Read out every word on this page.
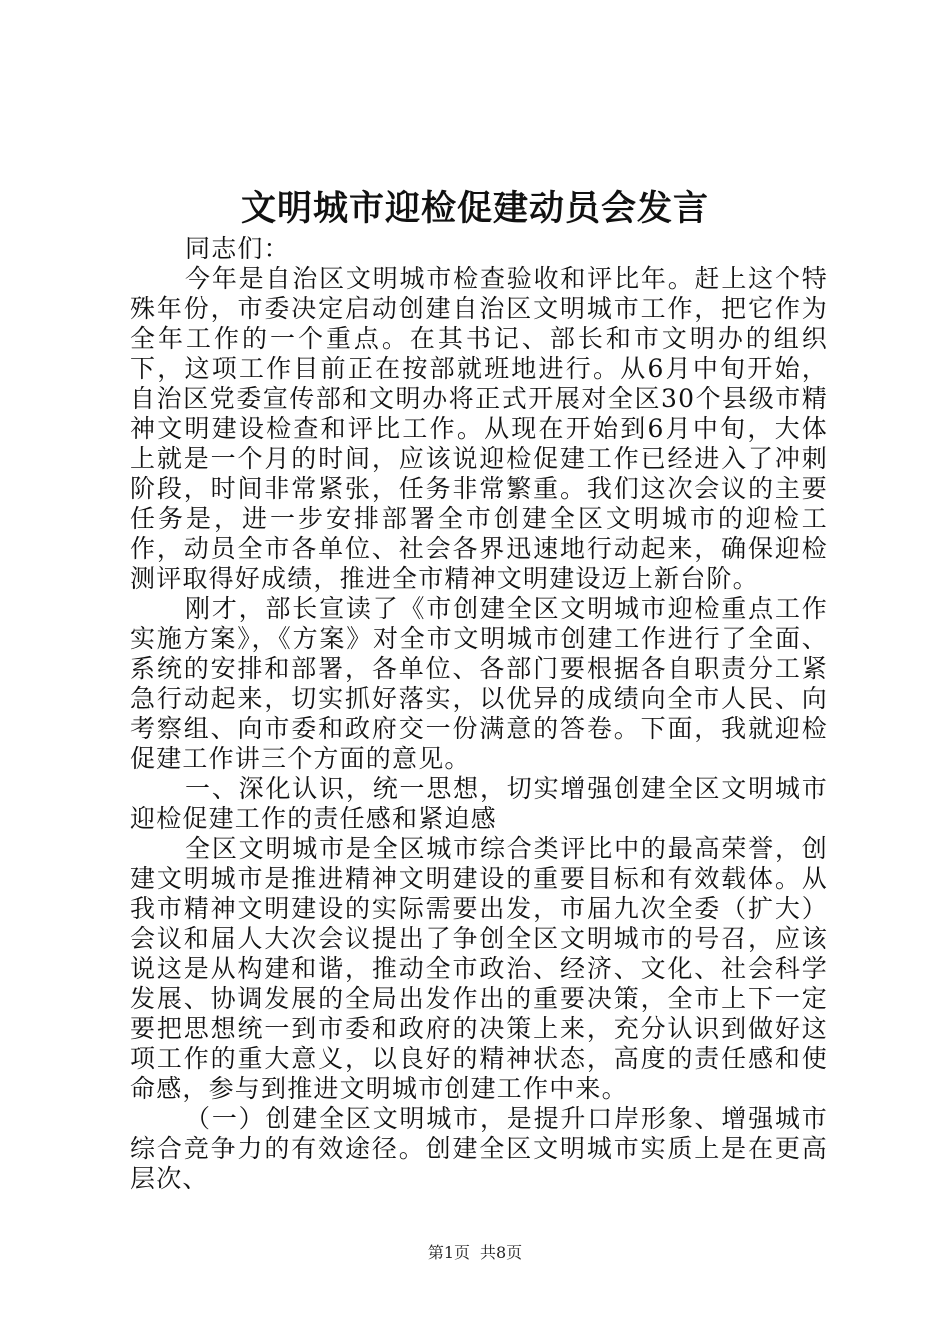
文明城市迎检促建动员会发言

同志们：

今年是自治区文明城市检查验收和评比年。赶上这个特殊年份，市委决定启动创建自治区文明城市工作，把它作为全年工作的一个重点。在其书记、部长和市文明办的组织下，这项工作目前正在按部就班地进行。从6月中旬开始，自治区党委宣传部和文明办将正式开展对全区30个县级市精神文明建设检查和评比工作。从现在开始到6月中旬，大体上就是一个月的时间，应该说迎检促建工作已经进入了冲刺阶段，时间非常紧张，任务非常繁重。我们这次会议的主要任务是，进一步安排部署全市创建全区文明城市的迎检工作，动员全市各单位、社会各界迅速地行动起来，确保迎检测评取得好成绩，推进全市精神文明建设迈上新台阶。

刚才，部长宣读了《市创建全区文明城市迎检重点工作实施方案》，《方案》对全市文明城市创建工作进行了全面、系统的安排和部署，各单位、各部门要根据各自职责分工紧急行动起来，切实抓好落实，以优异的成绩向全市人民、向考察组、向市委和政府交一份满意的答卷。下面，我就迎检促建工作讲三个方面的意见。

一、深化认识，统一思想，切实增强创建全区文明城市迎检促建工作的责任感和紧迫感

全区文明城市是全区城市综合类评比中的最高荣誉，创建文明城市是推进精神文明建设的重要目标和有效载体。从我市精神文明建设的实际需要出发，市届九次全委（扩大）会议和届人大次会议提出了争创全区文明城市的号召，应该说这是从构建和谐，推动全市政治、经济、文化、社会科学发展、协调发展的全局出发作出的重要决策，全市上下一定要把思想统一到市委和政府的决策上来，充分认识到做好这项工作的重大意义，以良好的精神状态，高度的责任感和使命感，参与到推进文明城市创建工作中来。

（一）创建全区文明城市，是提升口岸形象、增强城市综合竞争力的有效途径。创建全区文明城市实质上是在更高层次、

第1页 共8页
